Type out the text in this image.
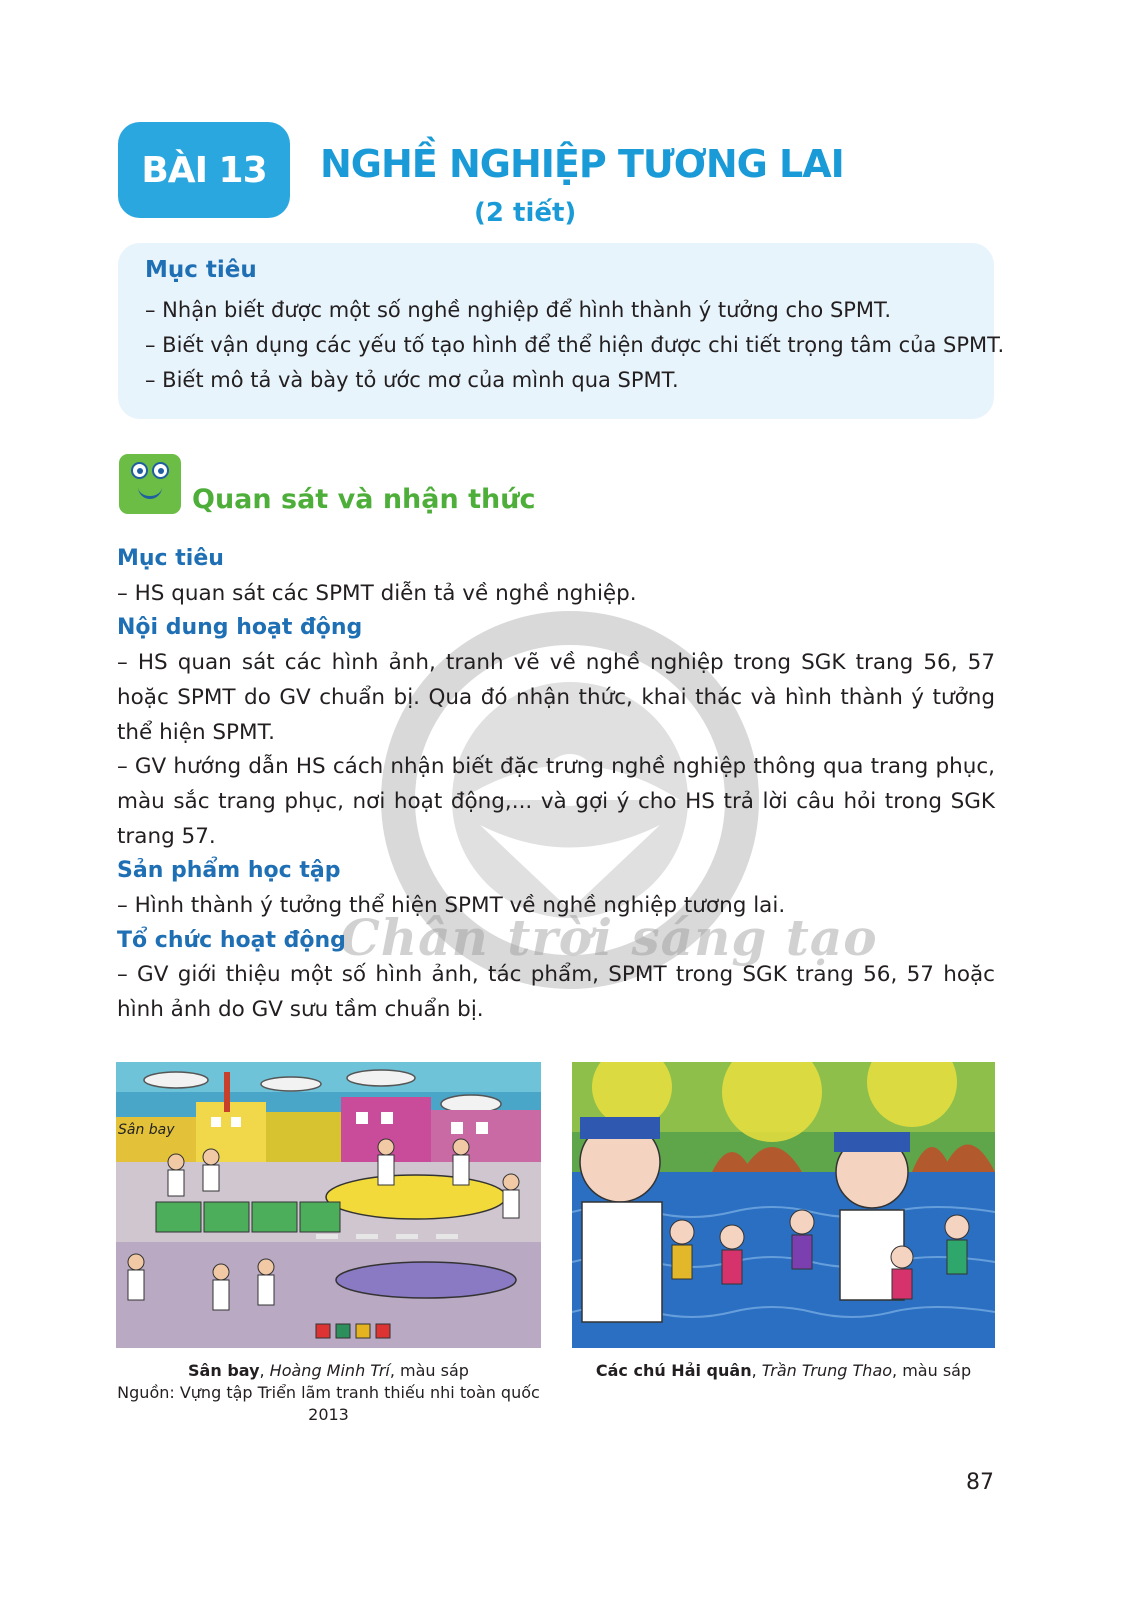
BÀI 13	NGHỀ NGHIỆP TƯƠNG LAI
(2 tiết)
Mục tiêu

– Nhận biết được một số nghề nghiệp để hình thành ý tưởng cho SPMT.

– Biết vận dụng các yếu tố tạo hình để thể hiện được chi tiết trọng tâm của SPMT.

– Biết mô tả và bày tỏ ước mơ của mình qua SPMT.

Quan sát và nhận thức
Chân trời sáng tạo
Mục tiêu
– HS quan sát các SPMT diễn tả về nghề nghiệp.
Nội dung hoạt động
– HS quan sát các hình ảnh, tranh vẽ về nghề nghiệp trong SGK trang 56, 57 hoặc SPMT do GV chuẩn bị. Qua đó nhận thức, khai thác và hình thành ý tưởng thể hiện SPMT.
– GV hướng dẫn HS cách nhận biết đặc trưng nghề nghiệp thông qua trang phục, màu sắc trang phục, nơi hoạt động,... và gợi ý cho HS trả lời câu hỏi trong SGK trang 57.
Sản phẩm học tập
– Hình thành ý tưởng thể hiện SPMT về nghề nghiệp tương lai.
Tổ chức hoạt động
– GV giới thiệu một số hình ảnh, tác phẩm, SPMT trong SGK trang 56, 57 hoặc hình ảnh do GV sưu tầm chuẩn bị.
Sân bay
Sân bay, Hoàng Minh Trí, màu sáp
Nguồn: Vựng tập Triển lãm tranh thiếu nhi toàn quốc 2013
Các chú Hải quân, Trần Trung Thao, màu sáp
87
